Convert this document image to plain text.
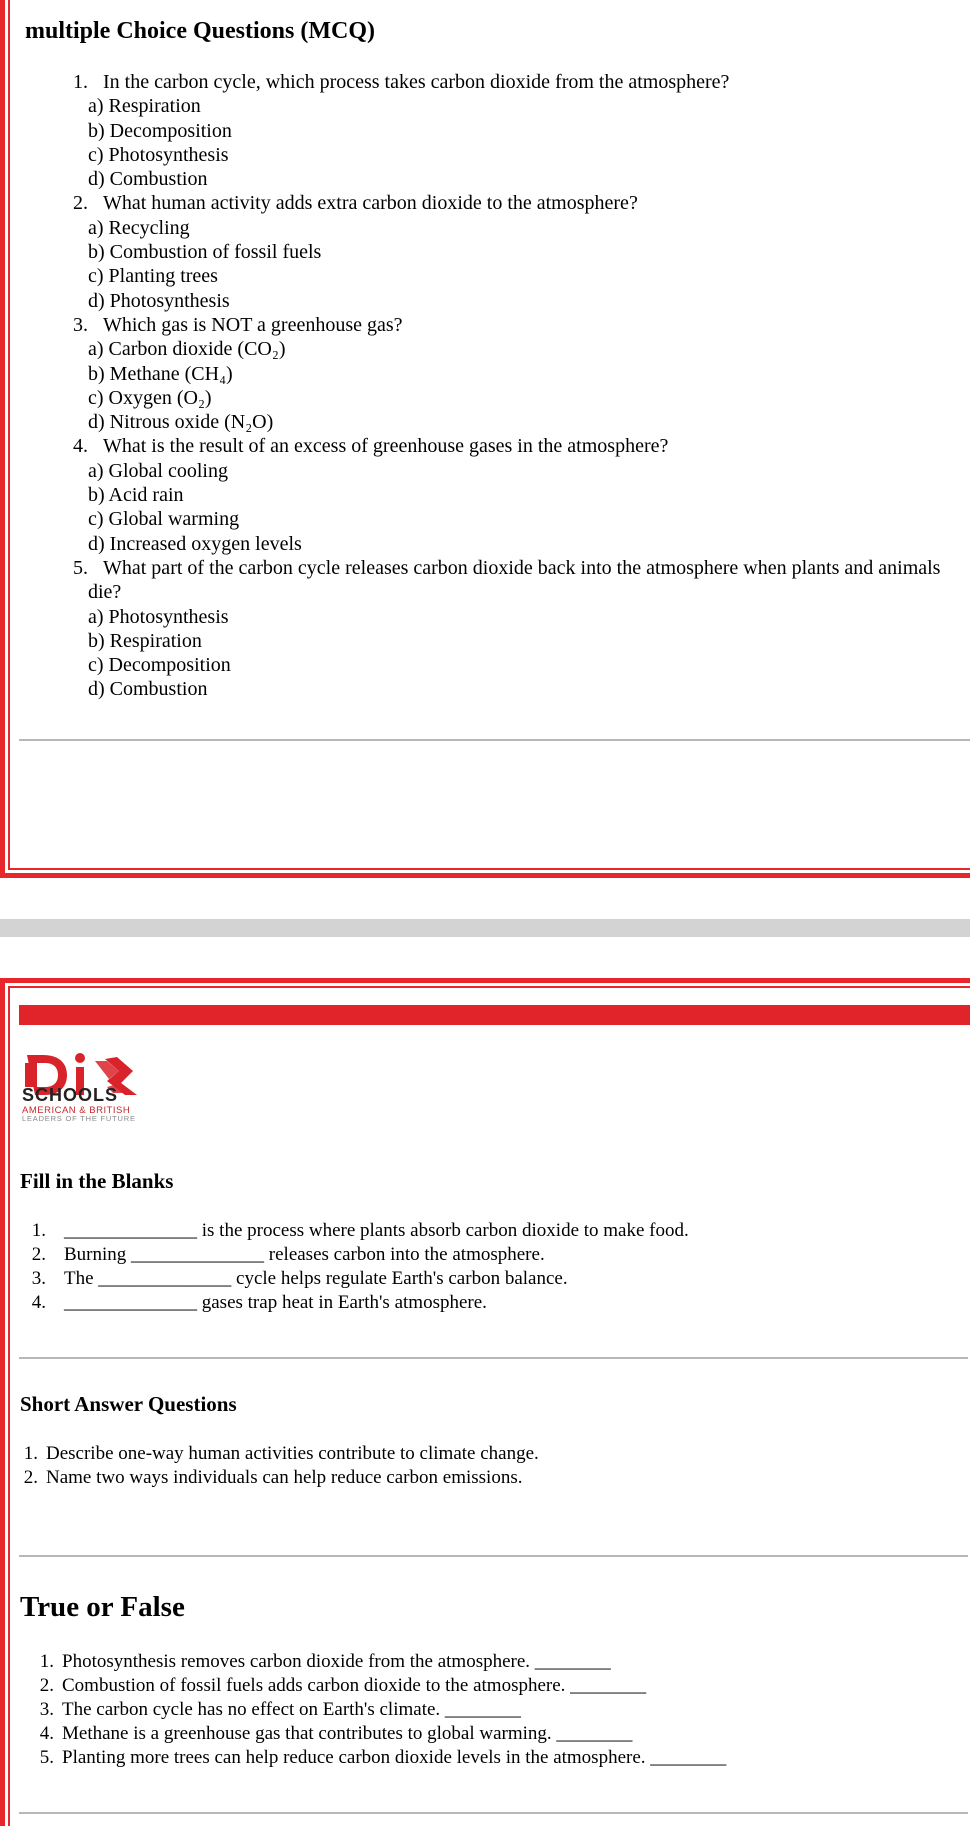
multiple Choice Questions (MCQ)
1. In the carbon cycle, which process takes carbon dioxide from the atmosphere?
a) Respiration
b) Decomposition
c) Photosynthesis
d) Combustion
2. What human activity adds extra carbon dioxide to the atmosphere?
a) Recycling
b) Combustion of fossil fuels
c) Planting trees
d) Photosynthesis
3. Which gas is NOT a greenhouse gas?
a) Carbon dioxide (CO₂)
b) Methane (CH₄)
c) Oxygen (O₂)
d) Nitrous oxide (N₂O)
4. What is the result of an excess of greenhouse gases in the atmosphere?
a) Global cooling
b) Acid rain
c) Global warming
d) Increased oxygen levels
5. What part of the carbon cycle releases carbon dioxide back into the atmosphere when plants and animals
die?
a) Photosynthesis
b) Respiration
c) Decomposition
d) Combustion
SCHOOLS
AMERICAN & BRITISH
LEADERS OF THE FUTURE
Fill in the Blanks
1. ______________ is the process where plants absorb carbon dioxide to make food.
2. Burning ______________ releases carbon into the atmosphere.
3. The ______________ cycle helps regulate Earth's carbon balance.
4. ______________ gases trap heat in Earth's atmosphere.
Short Answer Questions
1. Describe one-way human activities contribute to climate change.
2. Name two ways individuals can help reduce carbon emissions.
True or False
1. Photosynthesis removes carbon dioxide from the atmosphere. ________
2. Combustion of fossil fuels adds carbon dioxide to the atmosphere. ________
3. The carbon cycle has no effect on Earth's climate. ________
4. Methane is a greenhouse gas that contributes to global warming. ________
5. Planting more trees can help reduce carbon dioxide levels in the atmosphere. ________
